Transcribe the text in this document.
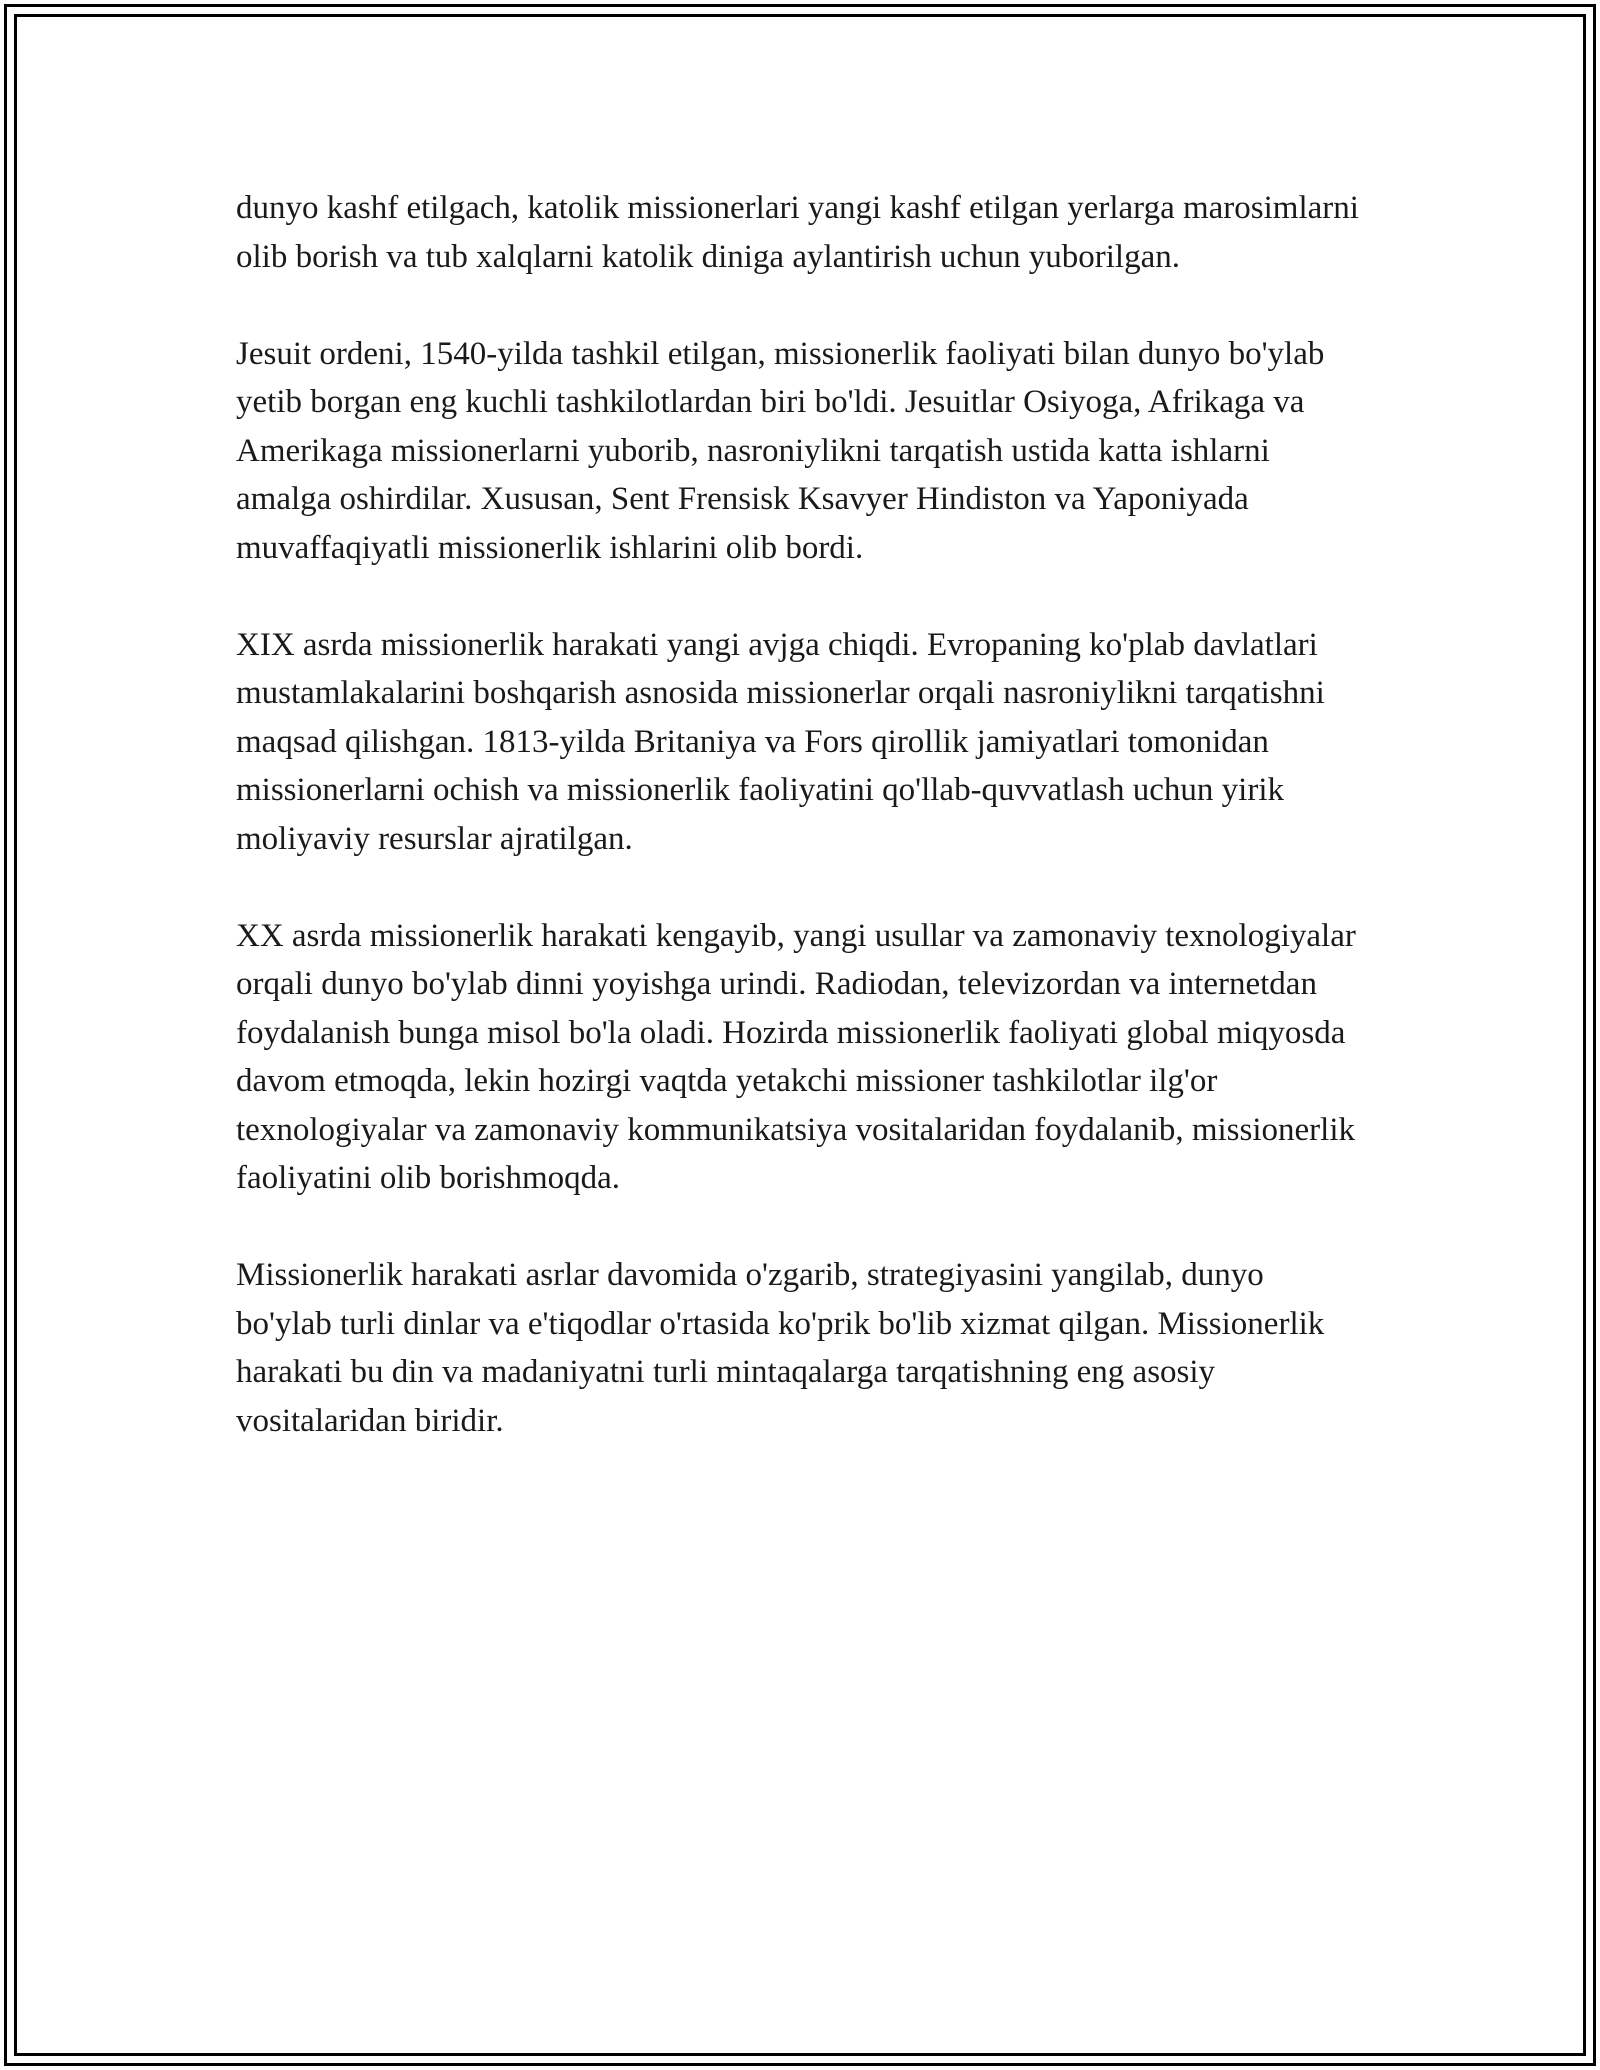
dunyo kashf etilgach, katolik missionerlari yangi kashf etilgan yerlarga marosimlarni olib borish va tub xalqlarni katolik diniga aylantirish uchun yuborilgan.

Jesuit ordeni, 1540-yilda tashkil etilgan, missionerlik faoliyati bilan dunyo bo'ylab yetib borgan eng kuchli tashkilotlardan biri bo'ldi. Jesuitlar Osiyoga, Afrikaga va Amerikaga missionerlarni yuborib, nasroniylikni tarqatish ustida katta ishlarni amalga oshirdilar. Xususan, Sent Frensisk Ksavyer Hindiston va Yaponiyada muvaffaqiyatli missionerlik ishlarini olib bordi.

XIX asrda missionerlik harakati yangi avjga chiqdi. Evropaning ko'plab davlatlari mustamlakalarini boshqarish asnosida missionerlar orqali nasroniylikni tarqatishni maqsad qilishgan. 1813-yilda Britaniya va Fors qirollik jamiyatlari tomonidan missionerlarni ochish va missionerlik faoliyatini qo'llab-quvvatlash uchun yirik moliyaviy resurslar ajratilgan.

XX asrda missionerlik harakati kengayib, yangi usullar va zamonaviy texnologiyalar orqali dunyo bo'ylab dinni yoyishga urindi. Radiodan, televizordan va internetdan foydalanish bunga misol bo'la oladi. Hozirda missionerlik faoliyati global miqyosda davom etmoqda, lekin hozirgi vaqtda yetakchi missioner tashkilotlar ilg'or texnologiyalar va zamonaviy kommunikatsiya vositalaridan foydalanib, missionerlik faoliyatini olib borishmoqda.

Missionerlik harakati asrlar davomida o'zgarib, strategiyasini yangilab, dunyo bo'ylab turli dinlar va e'tiqodlar o'rtasida ko'prik bo'lib xizmat qilgan. Missionerlik harakati bu din va madaniyatni turli mintaqalarga tarqatishning eng asosiy vositalaridan biridir.
